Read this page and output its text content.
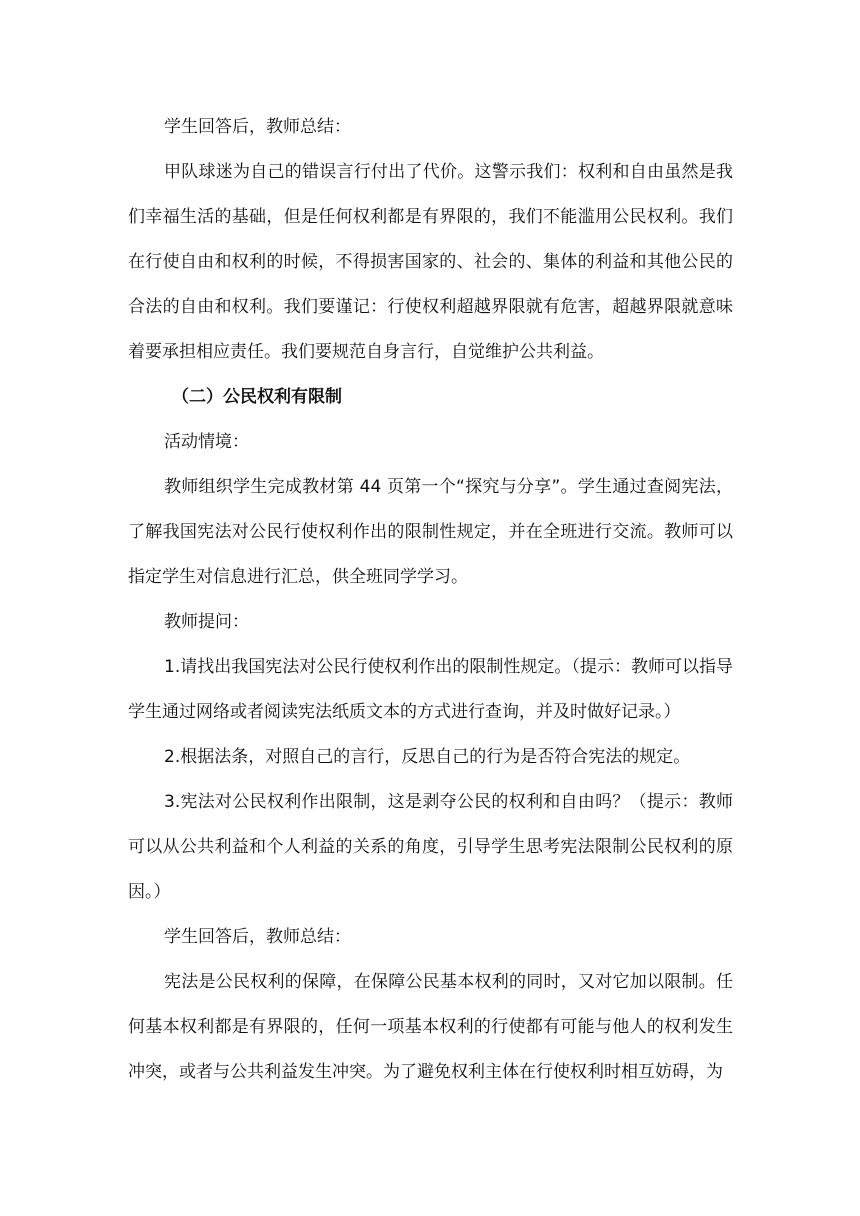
学生回答后，教师总结：

甲队球迷为自己的错误言行付出了代价。这警示我们：权利和自由虽然是我们幸福生活的基础，但是任何权利都是有界限的，我们不能滥用公民权利。我们在行使自由和权利的时候，不得损害国家的、社会的、集体的利益和其他公民的合法的自由和权利。我们要谨记：行使权利超越界限就有危害，超越界限就意味着要承担相应责任。我们要规范自身言行，自觉维护公共利益。

（二）公民权利有限制

活动情境：

教师组织学生完成教材第 44 页第一个“探究与分享”。学生通过查阅宪法，了解我国宪法对公民行使权利作出的限制性规定，并在全班进行交流。教师可以指定学生对信息进行汇总，供全班同学学习。

教师提问：

1.请找出我国宪法对公民行使权利作出的限制性规定。（提示：教师可以指导学生通过网络或者阅读宪法纸质文本的方式进行查询，并及时做好记录。）

2.根据法条，对照自己的言行，反思自己的行为是否符合宪法的规定。

3.宪法对公民权利作出限制，这是剥夺公民的权利和自由吗？（提示：教师可以从公共利益和个人利益的关系的角度，引导学生思考宪法限制公民权利的原因。）

学生回答后，教师总结：

宪法是公民权利的保障，在保障公民基本权利的同时，又对它加以限制。任何基本权利都是有界限的，任何一项基本权利的行使都有可能与他人的权利发生冲突，或者与公共利益发生冲突。为了避免权利主体在行使权利时相互妨碍，为
